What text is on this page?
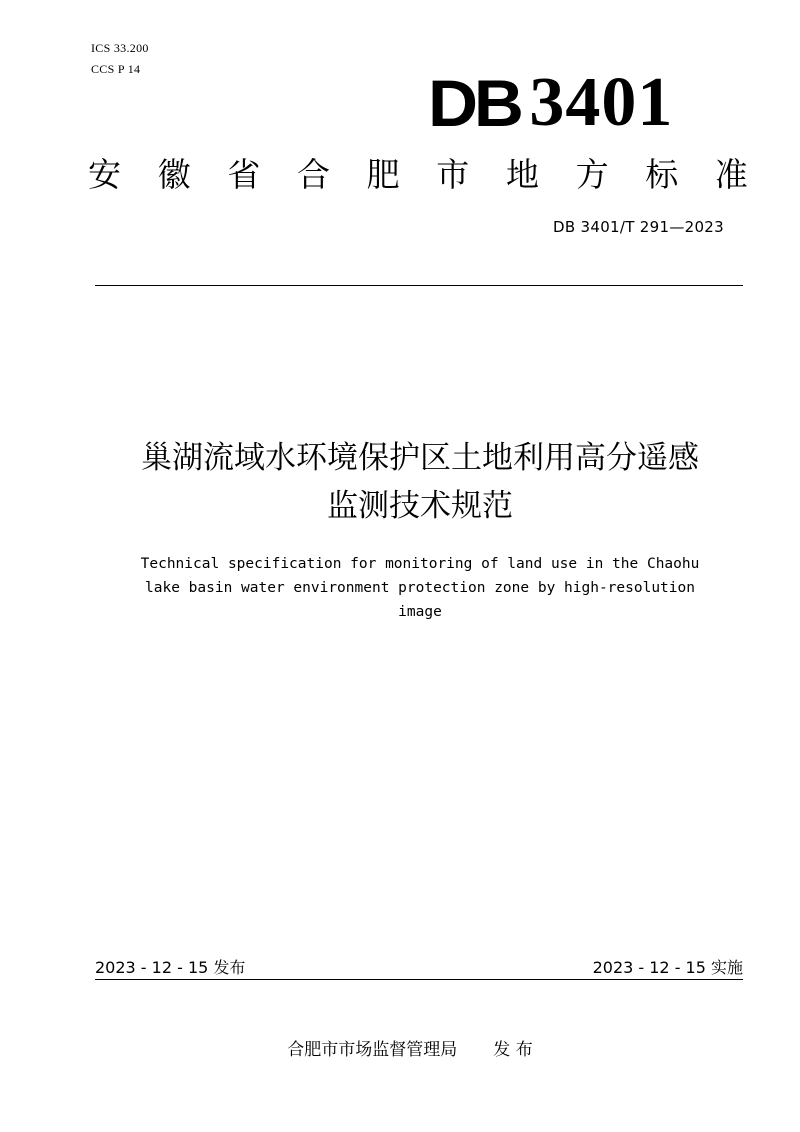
ICS 33.200
CCS P 14	DB 3401
安 徽 省 合 肥 市 地 方 标 准
DB 3401/T 291—2023
巢湖流域水环境保护区土地利用高分遥感
监测技术规范
Technical specification for monitoring of land use in the Chaohu
lake basin water environment protection zone by high-resolution
image
2023 - 12 - 15 发布	2023 - 12 - 15 实施
合肥市市场监督管理局 发 布
